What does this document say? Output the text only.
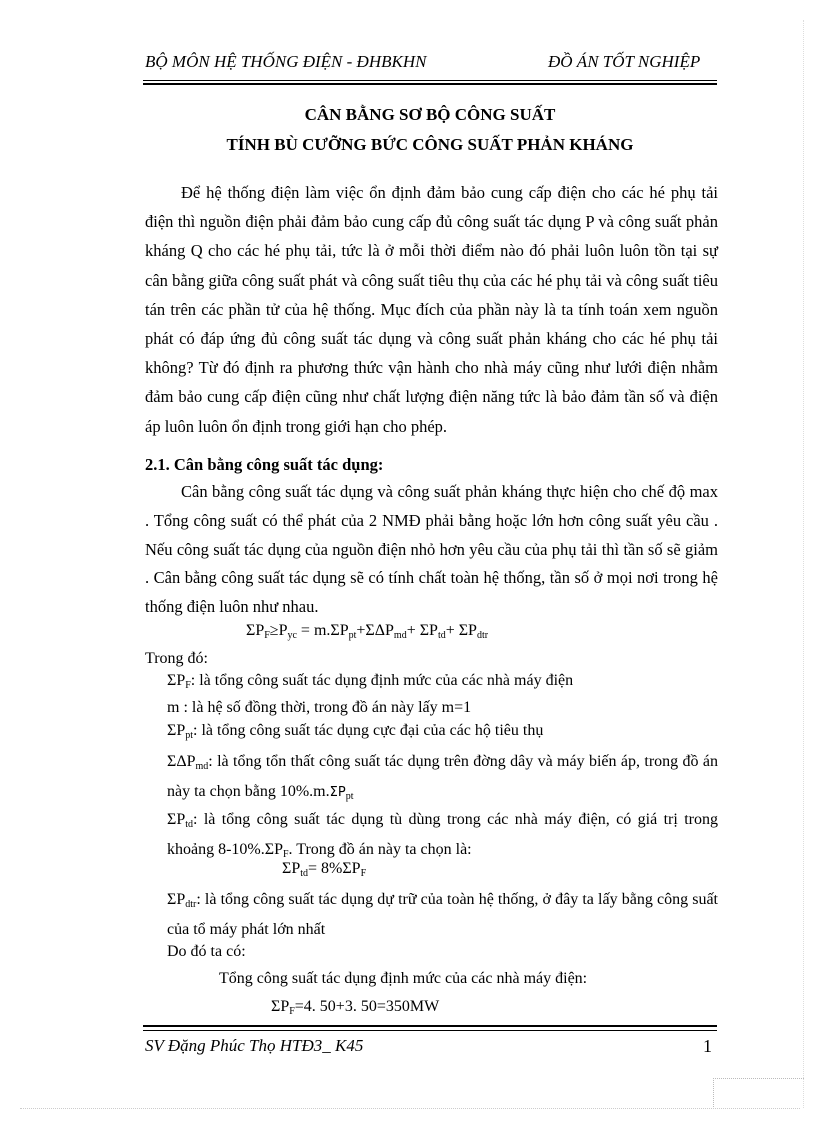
BỘ MÔN HỆ THỐNG ĐIỆN - ĐHBKHN	ĐỒ ÁN TỐT NGHIỆP
CÂN BẰNG SƠ BỘ CÔNG SUẤT
TÍNH BÙ CƯỠNG BỨC CÔNG SUẤT PHẢN KHÁNG

Để hệ thống điện làm việc ổn định đảm bảo cung cấp điện cho các hé phụ tải điện thì nguồn điện phải đảm bảo cung cấp đủ công suất tác dụng P và công suất phản kháng Q cho các hé phụ tải, tức là ở mỗi thời điểm nào đó phải luôn luôn tồn tại sự cân bằng giữa công suất phát và công suất tiêu thụ của các hé phụ tải và công suất tiêu tán trên các phần tử của hệ thống. Mục đích của phần này là ta tính toán xem nguồn phát có đáp ứng đủ công suất tác dụng và công suất phản kháng cho các hé phụ tải không? Từ đó định ra phương thức vận hành cho nhà máy cũng như lưới điện nhằm đảm bảo cung cấp điện cũng như chất lượng điện năng tức là bảo đảm tần số và điện áp luôn luôn ổn định trong giới hạn cho phép.

2.1. Cân bằng công suất tác dụng:

Cân bằng công suất tác dụng và công suất phản kháng thực hiện cho chế độ max . Tổng công suất có thể phát của 2 NMĐ phải bằng hoặc lớn hơn công suất yêu cầu . Nếu công suất tác dụng của nguồn điện nhỏ hơn yêu cầu của phụ tải thì tần số sẽ giảm . Cân bằng công suất tác dụng sẽ có tính chất toàn hệ thống, tần số ở mọi nơi trong hệ thống điện luôn như nhau.

$\Sigma P_F\ge P_{yc} = m.\Sigma P_{pt}+\Sigma\Delta P_{md}+ \Sigma P_{td}+ \Sigma P_{dtr}$
Trong đó:
$\Sigma P_F$: là tổng công suất tác dụng định mức của các nhà máy điện
m : là hệ số đồng thời, trong đồ án này lấy m=1
$\Sigma P_{pt}$: là tổng công suất tác dụng cực đại của các hộ tiêu thụ
$\Sigma\Delta P_{md}$: là tổng tổn thất công suất tác dụng trên đờng dây và máy biến áp, trong đồ án này ta chọn bằng $10\%.m.\Sigma P_{pt}$
$\Sigma P_{td}$: là tổng công suất tác dụng tù dùng trong các nhà máy điện, có giá trị trong khoảng $8-10\%.\Sigma P_F$. Trong đồ án này ta chọn là:
$\Sigma P_{td}= 8\%\Sigma P_F$
$\Sigma P_{dtr}$: là tổng công suất tác dụng dự trữ của toàn hệ thống, ở đây ta lấy bằng công suất của tổ máy phát lớn nhất
Do đó ta có:
Tổng công suất tác dụng định mức của các nhà máy điện:
$\Sigma P_F=4$. 50+3. 50=350MW
SV Đặng Phúc Thọ HTĐ3_ K45	1
